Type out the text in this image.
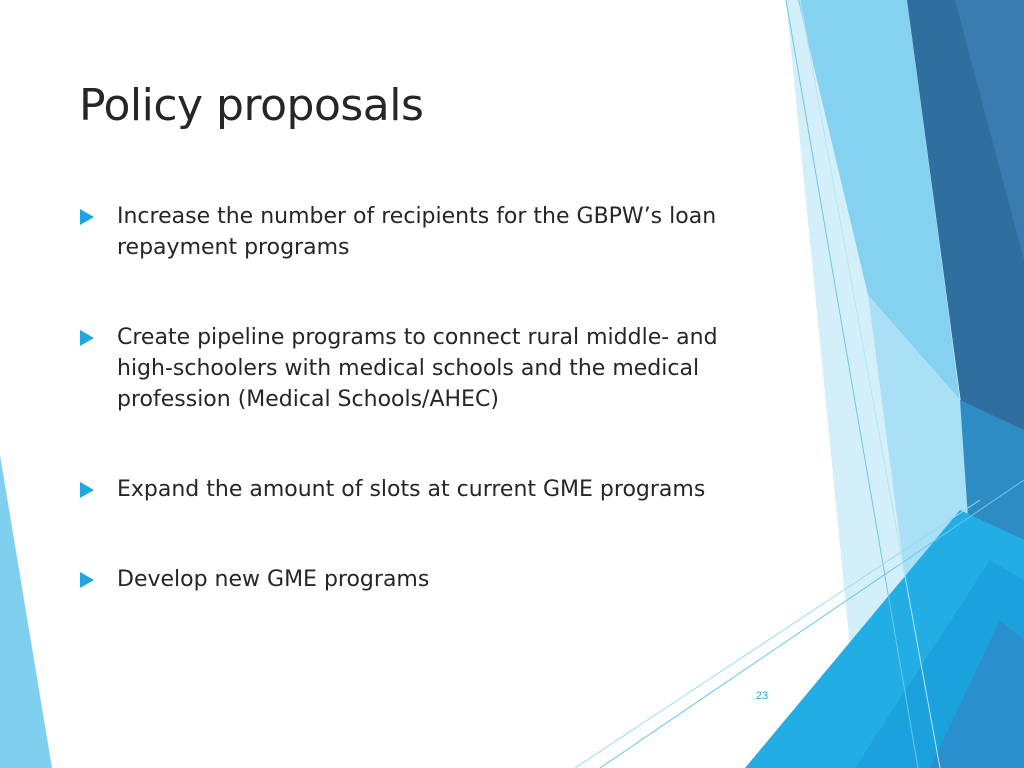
Policy proposals
Increase the number of recipients for the GBPW’s loan repayment programs
Create pipeline programs to connect rural middle- and high-schoolers with medical schools and the medical profession (Medical Schools/AHEC)
Expand the amount of slots at current GME programs
Develop new GME programs
23
